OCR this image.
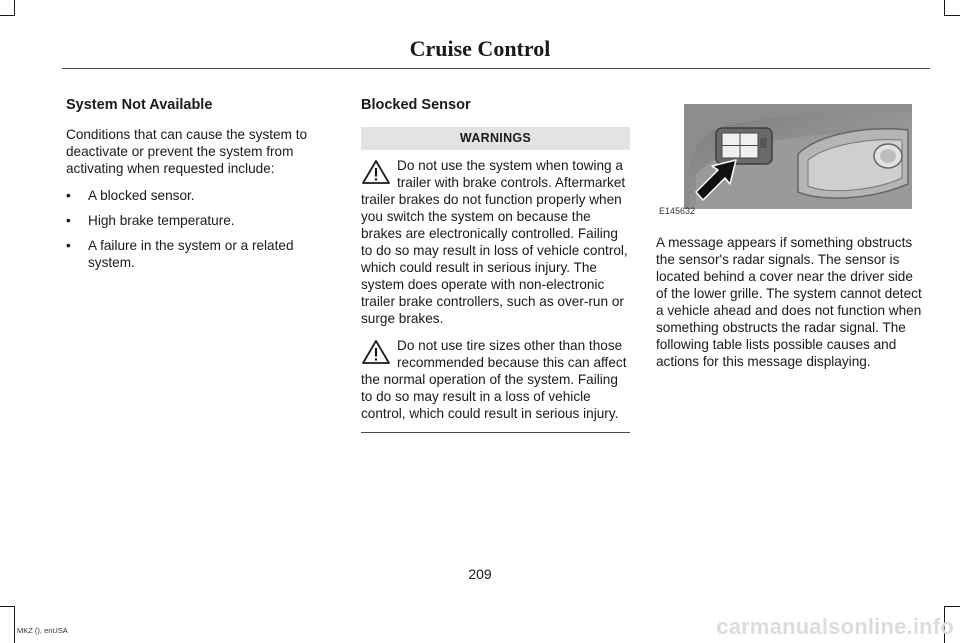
Cruise Control
System Not Available

Conditions that can cause the system to deactivate or prevent the system from activating when requested include:

• A blocked sensor.
• High brake temperature.
• A failure in the system or a related system.
Blocked Sensor
WARNINGS
Do not use the system when towing a trailer with brake controls. Aftermarket trailer brakes do not function properly when you switch the system on because the brakes are electronically controlled. Failing to do so may result in loss of vehicle control, which could result in serious injury. The system does operate with non-electronic trailer brake controllers, such as over-run or surge brakes.
Do not use tire sizes other than those recommended because this can affect the normal operation of the system. Failing to do so may result in a loss of vehicle control, which could result in serious injury.
E145632

A message appears if something obstructs the sensor's radar signals. The sensor is located behind a cover near the driver side of the lower grille. The system cannot detect a vehicle ahead and does not function when something obstructs the radar signal. The following table lists possible causes and actions for this message displaying.

209
MKZ (), enUSA	carmanualsonline.info
